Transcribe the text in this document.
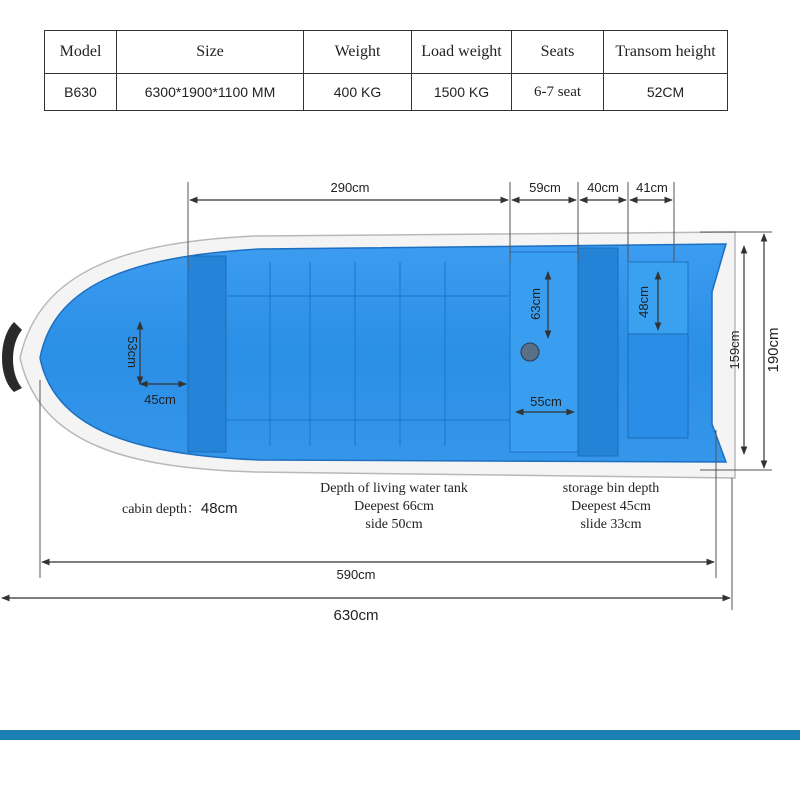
Model	Size	Weight	Load weight	Seats	Transom height
B630	6300*1900*1100 MM	400 KG	1500 KG	6-7 seat	52CM
290cm	59cm 40cm 41cm
53cm
45cm
63cm
55cm
48cm
159cm 190cm
590cm
630cm
cabin depth：48cm
Depth of living water tank
Deepest 66cm
side 50cm
storage bin depth
Deepest 45cm
slide 33cm
